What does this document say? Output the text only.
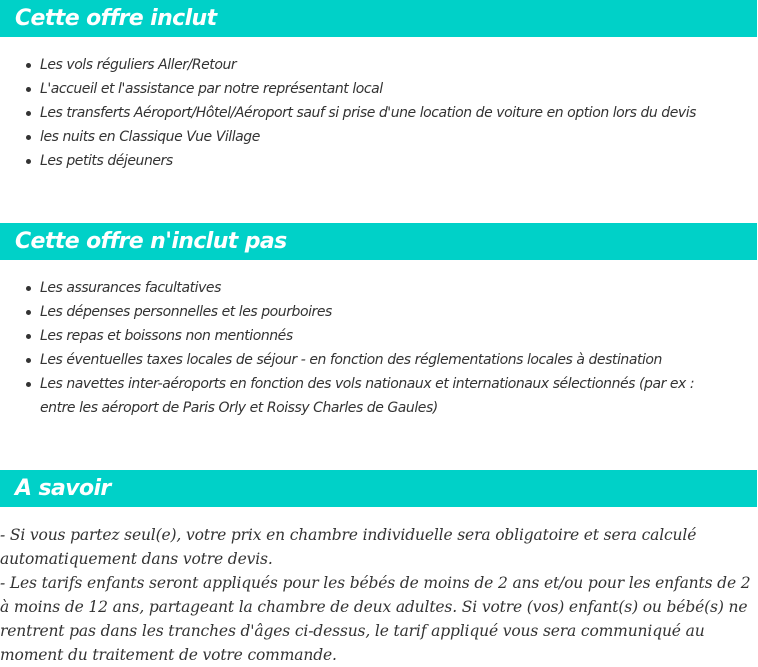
Cette offre inclut
Les vols réguliers Aller/Retour
L'accueil et l'assistance par notre représentant local
Les transferts Aéroport/Hôtel/Aéroport sauf si prise d'une location de voiture en option lors du devis
les nuits en Classique Vue Village
Les petits déjeuners
Cette offre n'inclut pas
Les assurances facultatives
Les dépenses personnelles et les pourboires
Les repas et boissons non mentionnés
Les éventuelles taxes locales de séjour - en fonction des réglementations locales à destination
Les navettes inter-aéroports en fonction des vols nationaux et internationaux sélectionnés (par ex : entre les aéroport de Paris Orly et Roissy Charles de Gaules)
A savoir

- Si vous partez seul(e), votre prix en chambre individuelle sera obligatoire et sera calculé automatiquement dans votre devis.

- Les tarifs enfants seront appliqués pour les bébés de moins de 2 ans et/ou pour les enfants de 2 à moins de 12 ans, partageant la chambre de deux adultes. Si votre (vos) enfant(s) ou bébé(s) ne rentrent pas dans les tranches d'âges ci-dessus, le tarif appliqué vous sera communiqué au moment du traitement de votre commande.
